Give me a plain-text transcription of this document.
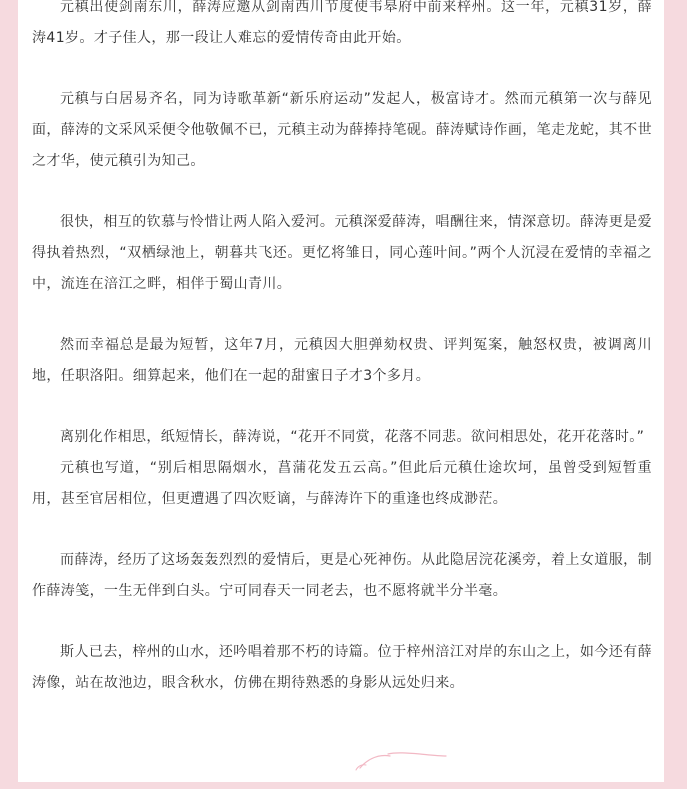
元稹出使剑南东川，薛涛应邀从剑南西川节度使韦皋府中前来梓州。这一年，元稹31岁，薛涛41岁。才子佳人，那一段让人难忘的爱情传奇由此开始。

元稹与白居易齐名，同为诗歌革新“新乐府运动”发起人，极富诗才。然而元稹第一次与薛见面，薛涛的文采风采便令他敬佩不已，元稹主动为薛捧持笔砚。薛涛赋诗作画，笔走龙蛇，其不世之才华，使元稹引为知己。

很快，相互的钦慕与怜惜让两人陷入爱河。元稹深爱薛涛，唱酬往来，情深意切。薛涛更是爱得执着热烈，“双栖绿池上，朝暮共飞还。更忆将雏日，同心莲叶间。”两个人沉浸在爱情的幸福之中，流连在涪江之畔，相伴于蜀山青川。

然而幸福总是最为短暂，这年7月，元稹因大胆弹劾权贵、评判冤案，触怒权贵，被调离川地，任职洛阳。细算起来，他们在一起的甜蜜日子才3个多月。

离别化作相思，纸短情长，薛涛说，“花开不同赏，花落不同悲。欲问相思处，花开花落时。”

元稹也写道，“别后相思隔烟水，菖蒲花发五云高。”但此后元稹仕途坎坷，虽曾受到短暂重用，甚至官居相位，但更遭遇了四次贬谪，与薛涛许下的重逢也终成渺茫。

而薛涛，经历了这场轰轰烈烈的爱情后，更是心死神伤。从此隐居浣花溪旁，着上女道服，制作薛涛笺，一生无伴到白头。宁可同春天一同老去，也不愿将就半分半毫。

斯人已去，梓州的山水，还吟唱着那不朽的诗篇。位于梓州涪江对岸的东山之上，如今还有薛涛像，站在故池边，眼含秋水，仿佛在期待熟悉的身影从远处归来。
